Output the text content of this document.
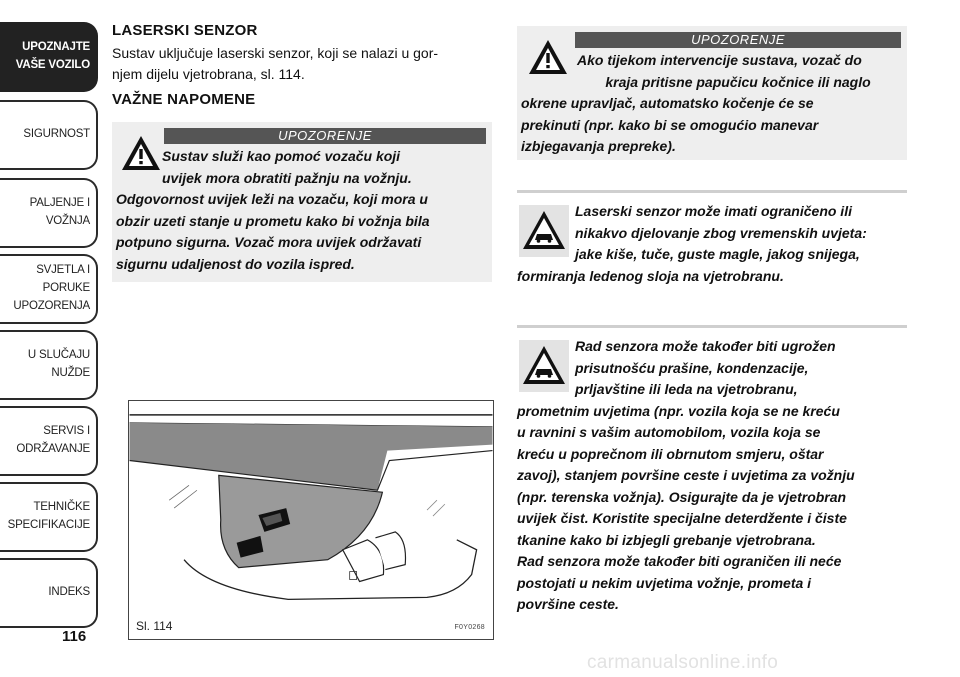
UPOZNAJTE
VAŠE VOZILO
SIGURNOST
PALJENJE I
VOŽNJA
SVJETLA I PORUKE
UPOZORENJA
U SLUČAJU
NUŽDE
SERVIS I
ODRŽAVANJE
TEHNIČKE
SPECIFIKACIJE
INDEKS
116
LASERSKI SENZOR

Sustav uključuje laserski senzor, koji se nalazi u gor-
njem dijelu vjetrobrana, sl. 114.

VAŽNE NAPOMENE
UPOZORENJE
Sustav služi kao pomoć vozaču koji
uvijek mora obratiti pažnju na vožnju.
Odgovornost uvijek leži na vozaču, koji mora u
obzir uzeti stanje u prometu kako bi vožnja bila
potpuno sigurna. Vozač mora uvijek održavati
sigurnu udaljenost do vozila ispred.
Sl. 114	F0Y0268
UPOZORENJE
Ako tijekom intervencije sustava, vozač do
kraja pritisne papučicu kočnice ili naglo
okrene upravljač, automatsko kočenje će se
prekinuti (npr. kako bi se omogućio manevar
izbjegavanja prepreke).
Laserski senzor može imati ograničeno ili
nikakvo djelovanje zbog vremenskih uvjeta:
jake kiše, tuče, guste magle, jakog snijega,
formiranja ledenog sloja na vjetrobranu.
Rad senzora može također biti ugrožen
prisutnošću prašine, kondenzacije,
prljavštine ili leda na vjetrobranu,
prometnim uvjetima (npr. vozila koja se ne kreću
u ravnini s vašim automobilom, vozila koja se
kreću u poprečnom ili obrnutom smjeru, oštar
zavoj), stanjem površine ceste i uvjetima za vožnju
(npr. terenska vožnja). Osigurajte da je vjetrobran
uvijek čist. Koristite specijalne deterdžente i čiste
tkanine kako bi izbjegli grebanje vjetrobrana.
Rad senzora može također biti ograničen ili neće
postojati u nekim uvjetima vožnje, prometa i
površine ceste.
carmanualsonline.info
